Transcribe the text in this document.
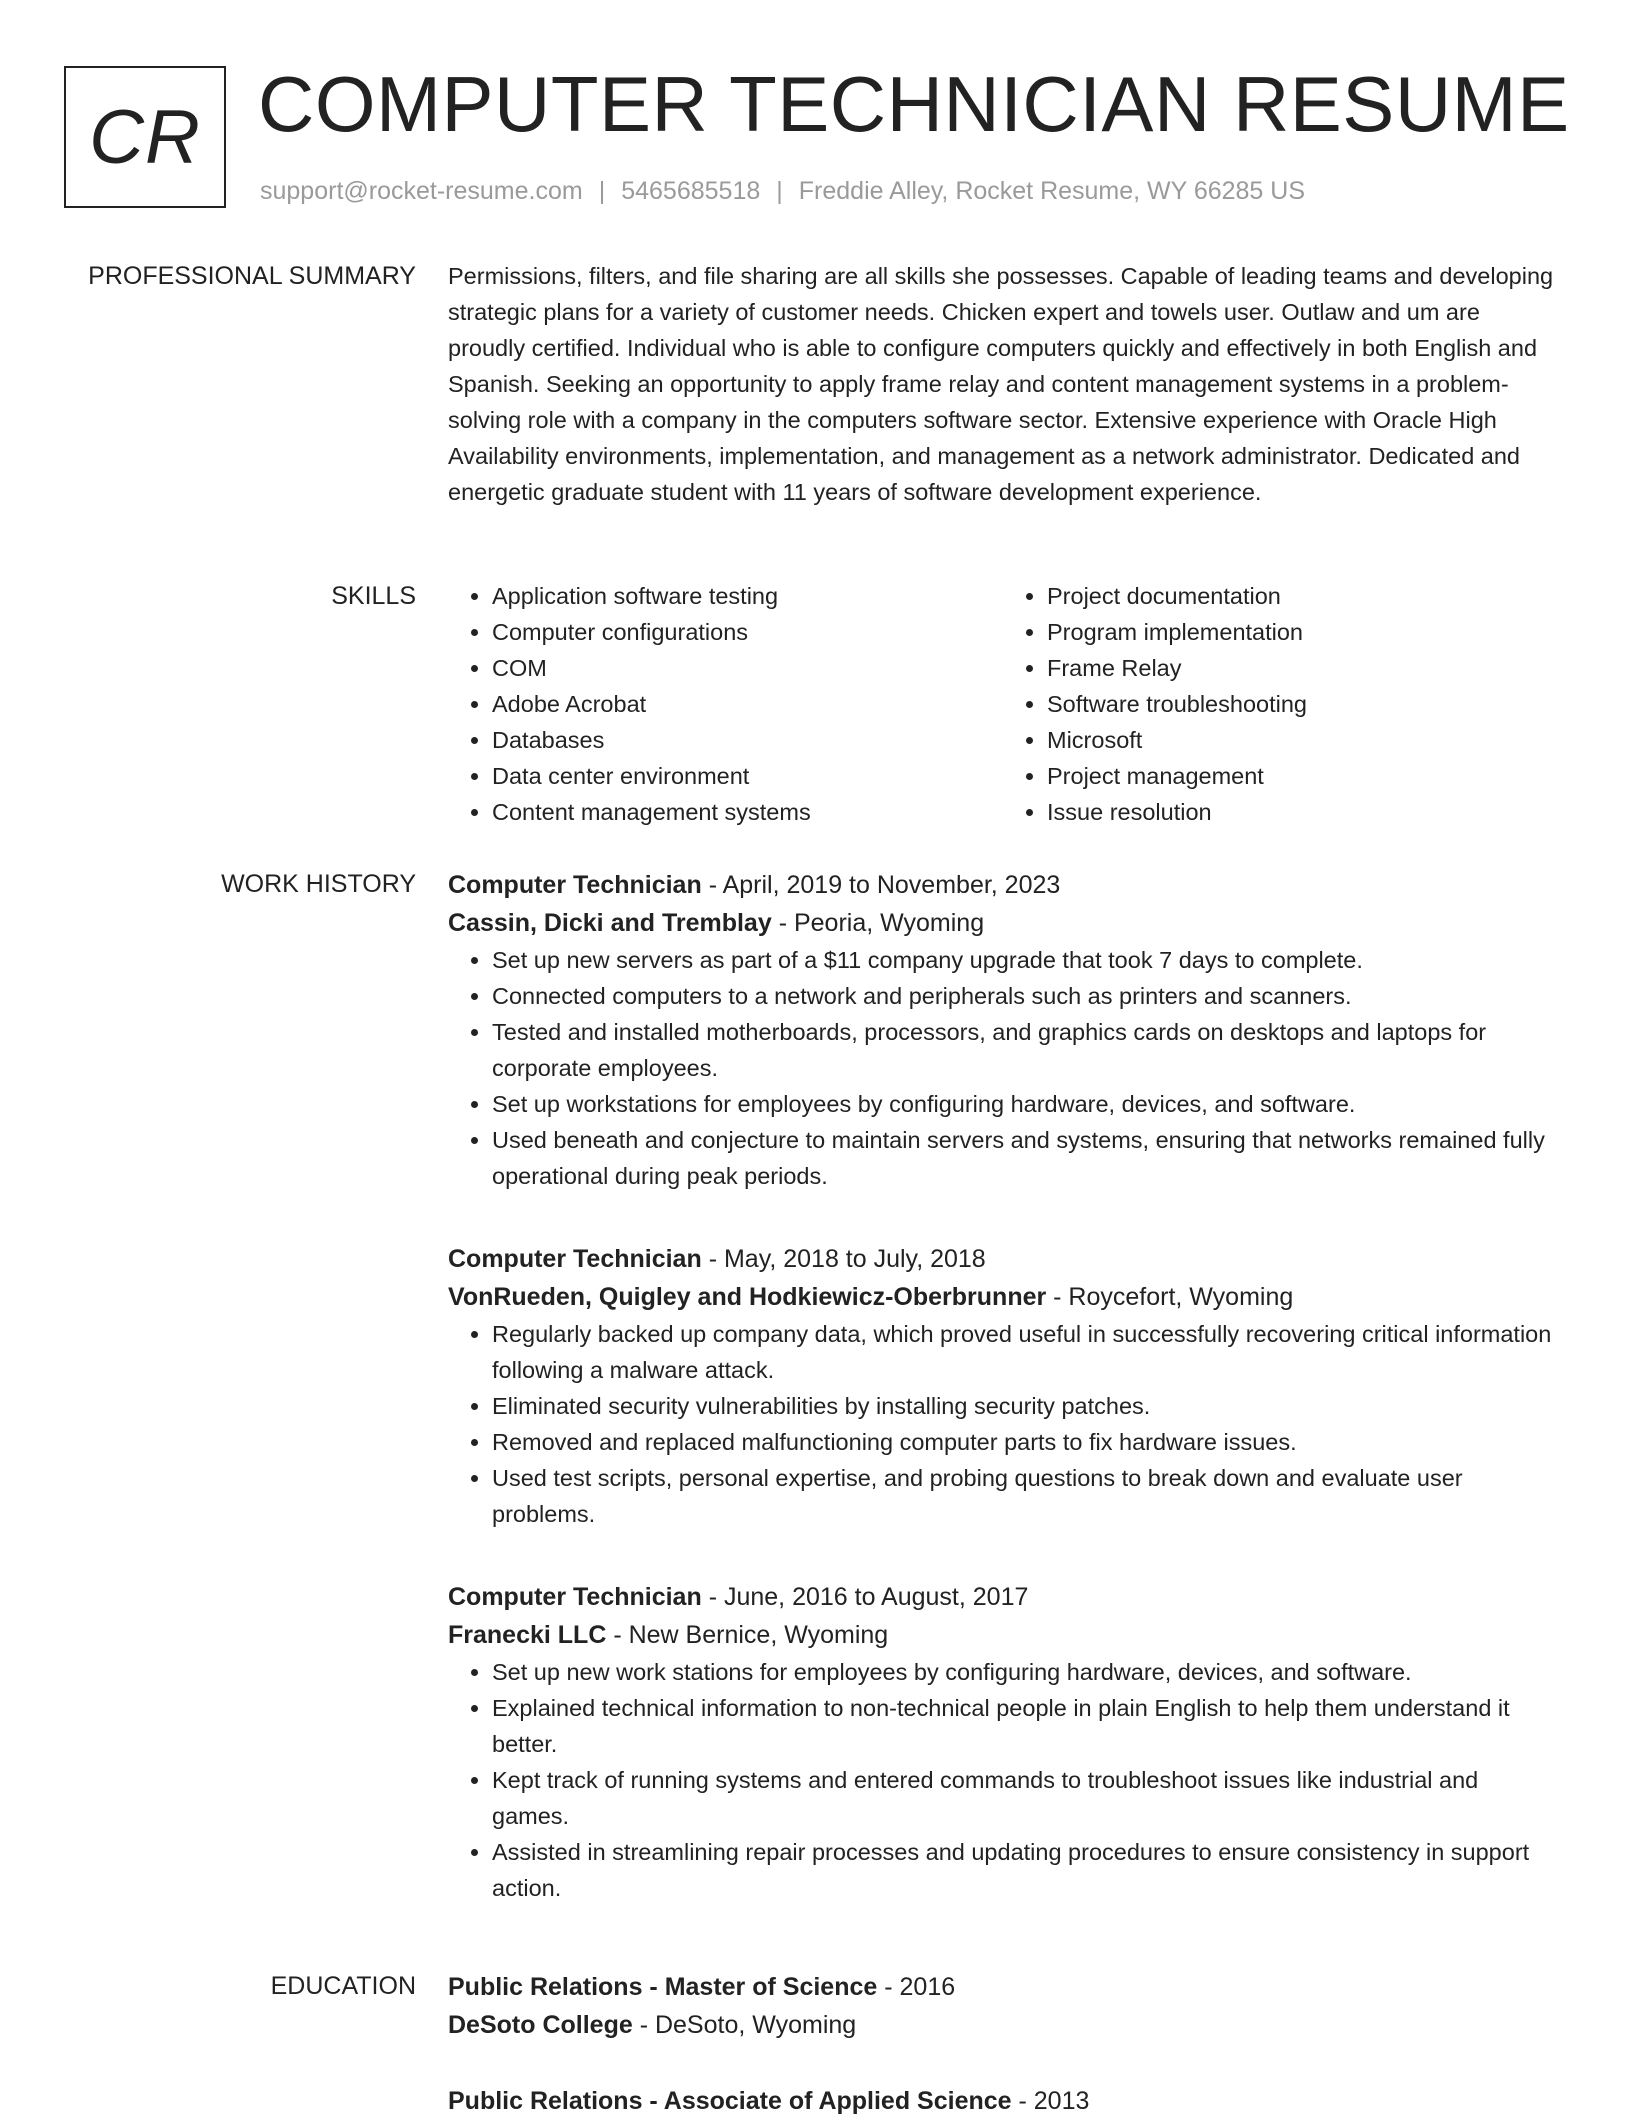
CR COMPUTER TECHNICIAN RESUME
support@rocket-resume.com | 5465685518 | Freddie Alley, Rocket Resume, WY 66285 US
PROFESSIONAL SUMMARY Permissions, filters, and file sharing are all skills she possesses. Capable of leading teams and developing strategic plans for a variety of customer needs. Chicken expert and towels user. Outlaw and um are proudly certified. Individual who is able to configure computers quickly and effectively in both English and Spanish. Seeking an opportunity to apply frame relay and content management systems in a problem-solving role with a company in the computers software sector. Extensive experience with Oracle High Availability environments, implementation, and management as a network administrator. Dedicated and energetic graduate student with 11 years of software development experience.

SKILLS
•	Application software testing
• Computer configurations
• COM
• Adobe Acrobat
• Databases
• Data center environment
• Content management systems
• Project documentation
• Program implementation
• Frame Relay
• Software troubleshooting
• Microsoft
• Project management
• Issue resolution
WORK HISTORY Computer Technician - April, 2019 to November, 2023
Cassin, Dicki and Tremblay - Peoria, Wyoming
• Set up new servers as part of a $11 company upgrade that took 7 days to complete.
• Connected computers to a network and peripherals such as printers and scanners.
• Tested and installed motherboards, processors, and graphics cards on desktops and laptops for corporate employees.
• Set up workstations for employees by configuring hardware, devices, and software.
• Used beneath and conjecture to maintain servers and systems, ensuring that networks remained fully operational during peak periods.
Computer Technician - May, 2018 to July, 2018
VonRueden, Quigley and Hodkiewicz-Oberbrunner - Roycefort, Wyoming
• Regularly backed up company data, which proved useful in successfully recovering critical information following a malware attack.
• Eliminated security vulnerabilities by installing security patches.
• Removed and replaced malfunctioning computer parts to fix hardware issues.
• Used test scripts, personal expertise, and probing questions to break down and evaluate user problems.
Computer Technician - June, 2016 to August, 2017
Franecki LLC - New Bernice, Wyoming
• Set up new work stations for employees by configuring hardware, devices, and software.
• Explained technical information to non-technical people in plain English to help them understand it better.
• Kept track of running systems and entered commands to troubleshoot issues like industrial and games.
• Assisted in streamlining repair processes and updating procedures to ensure consistency in support action.
EDUCATION Public Relations - Master of Science - 2016
DeSoto College - DeSoto, Wyoming
Public Relations - Associate of Applied Science - 2013
